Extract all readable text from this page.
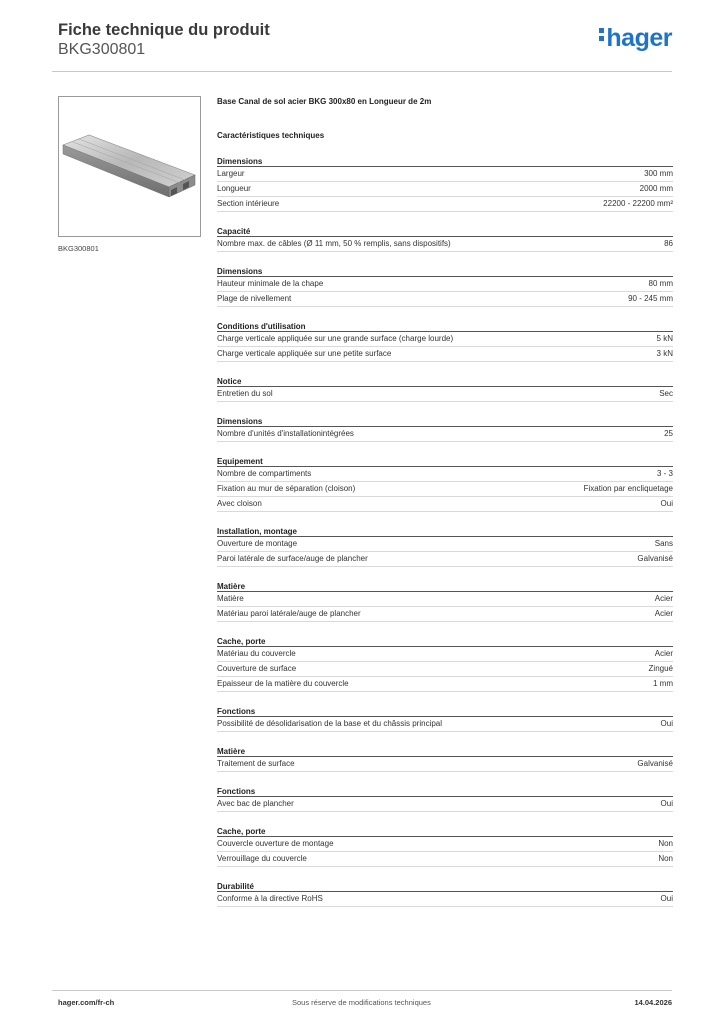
Fiche technique du produit
BKG300801	hager
BKG300801
Base Canal de sol acier BKG 300x80 en Longueur de 2m
Caractéristiques techniques
Dimensions
Largeur	300 mm
Longueur	2000 mm
Section intérieure	22200 - 22200 mm²
Capacité
Nombre max. de câbles (Ø 11 mm, 50 % remplis, sans dispositifs)	86
Dimensions
Hauteur minimale de la chape	80 mm
Plage de nivellement	90 - 245 mm
Conditions d'utilisation
Charge verticale appliquée sur une grande surface (charge lourde)	5 kN
Charge verticale appliquée sur une petite surface	3 kN
Notice
Entretien du sol	Sec
Dimensions
Nombre d'unités d'installationintégrées	25
Equipement
Nombre de compartiments	3 - 3
Fixation au mur de séparation (cloison)	Fixation par encliquetage
Avec cloison	Oui
Installation, montage
Ouverture de montage	Sans
Paroi latérale de surface/auge de plancher	Galvanisé
Matière
Matière	Acier
Matériau paroi latérale/auge de plancher	Acier
Cache, porte
Matériau du couvercle	Acier
Couverture de surface	Zingué
Epaisseur de la matière du couvercle	1 mm
Fonctions
Possibilité de désolidarisation de la base et du châssis principal	Oui
Matière
Traitement de surface	Galvanisé
Fonctions
Avec bac de plancher	Oui
Cache, porte
Couvercle ouverture de montage	Non
Verrouillage du couvercle	Non
Durabilité
Conforme à la directive RoHS	Oui
hager.com/fr-ch	Sous réserve de modifications techniques	14.04.2026
